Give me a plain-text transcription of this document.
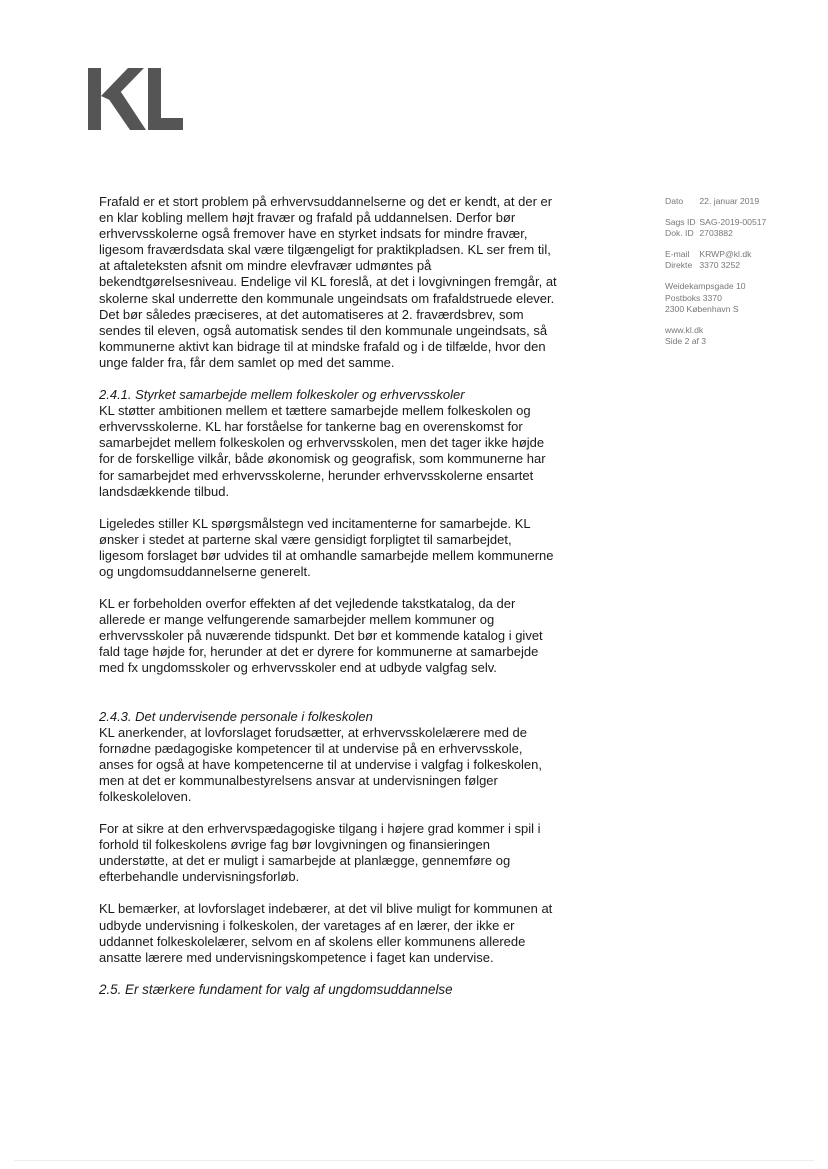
Dato 22. januar 2019
Sags ID SAG-2019-00517
Dok. ID 2703882
E-mail KRWP@kl.dk
Direkte 3370 3252
Weidekampsgade 10
Postboks 3370
2300 København S
www.kl.dk
Side 2 af 3

Frafald er et stort problem på erhvervsuddannelserne og det er kendt, at der er en klar kobling mellem højt fravær og frafald på uddannelsen. Derfor bør erhvervsskolerne også fremover have en styrket indsats for mindre fravær, ligesom fraværdsdata skal være tilgængeligt for praktikpladsen. KL ser frem til, at aftaleteksten afsnit om mindre elevfravær udmøntes på bekendtgørelsesniveau. Endelige vil KL foreslå, at det i lovgivningen fremgår, at skolerne skal underrette den kommunale ungeindsats om frafaldstruede elever. Det bør således præciseres, at det automatiseres at 2. fraværdsbrev, som sendes til eleven, også automatisk sendes til den kommunale ungeindsats, så kommunerne aktivt kan bidrage til at mindske frafald og i de tilfælde, hvor den unge falder fra, får dem samlet op med det samme.

2.4.1. Styrket samarbejde mellem folkeskoler og erhvervsskoler

KL støtter ambitionen mellem et tættere samarbejde mellem folkeskolen og erhvervsskolerne. KL har forståelse for tankerne bag en overenskomst for samarbejdet mellem folkeskolen og erhvervsskolen, men det tager ikke højde for de forskellige vilkår, både økonomisk og geografisk, som kommunerne har for samarbejdet med erhvervsskolerne, herunder erhvervsskolerne ensartet landsdækkende tilbud.

Ligeledes stiller KL spørgsmålstegn ved incitamenterne for samarbejde. KL ønsker i stedet at parterne skal være gensidigt forpligtet til samarbejdet, ligesom forslaget bør udvides til at omhandle samarbejde mellem kommunerne og ungdomsuddannelserne generelt.

KL er forbeholden overfor effekten af det vejledende takstkatalog, da der allerede er mange velfungerende samarbejder mellem kommuner og erhvervsskoler på nuværende tidspunkt. Det bør et kommende katalog i givet fald tage højde for, herunder at det er dyrere for kommunerne at samarbejde med fx ungdomsskoler og erhvervsskoler end at udbyde valgfag selv.

2.4.3. Det undervisende personale i folkeskolen

KL anerkender, at lovforslaget forudsætter, at erhvervsskolelærere med de fornødne pædagogiske kompetencer til at undervise på en erhvervsskole, anses for også at have kompetencerne til at undervise i valgfag i folkeskolen, men at det er kommunalbestyrelsens ansvar at undervisningen følger folkeskoleloven.

For at sikre at den erhvervspædagogiske tilgang i højere grad kommer i spil i forhold til folkeskolens øvrige fag bør lovgivningen og finansieringen understøtte, at det er muligt i samarbejde at planlægge, gennemføre og efterbehandle undervisningsforløb.

KL bemærker, at lovforslaget indebærer, at det vil blive muligt for kommunen at udbyde undervisning i folkeskolen, der varetages af en lærer, der ikke er uddannet folkeskolelærer, selvom en af skolens eller kommunens allerede ansatte lærere med undervisningskompetence i faget kan undervise.

2.5. Er stærkere fundament for valg af ungdomsuddannelse
